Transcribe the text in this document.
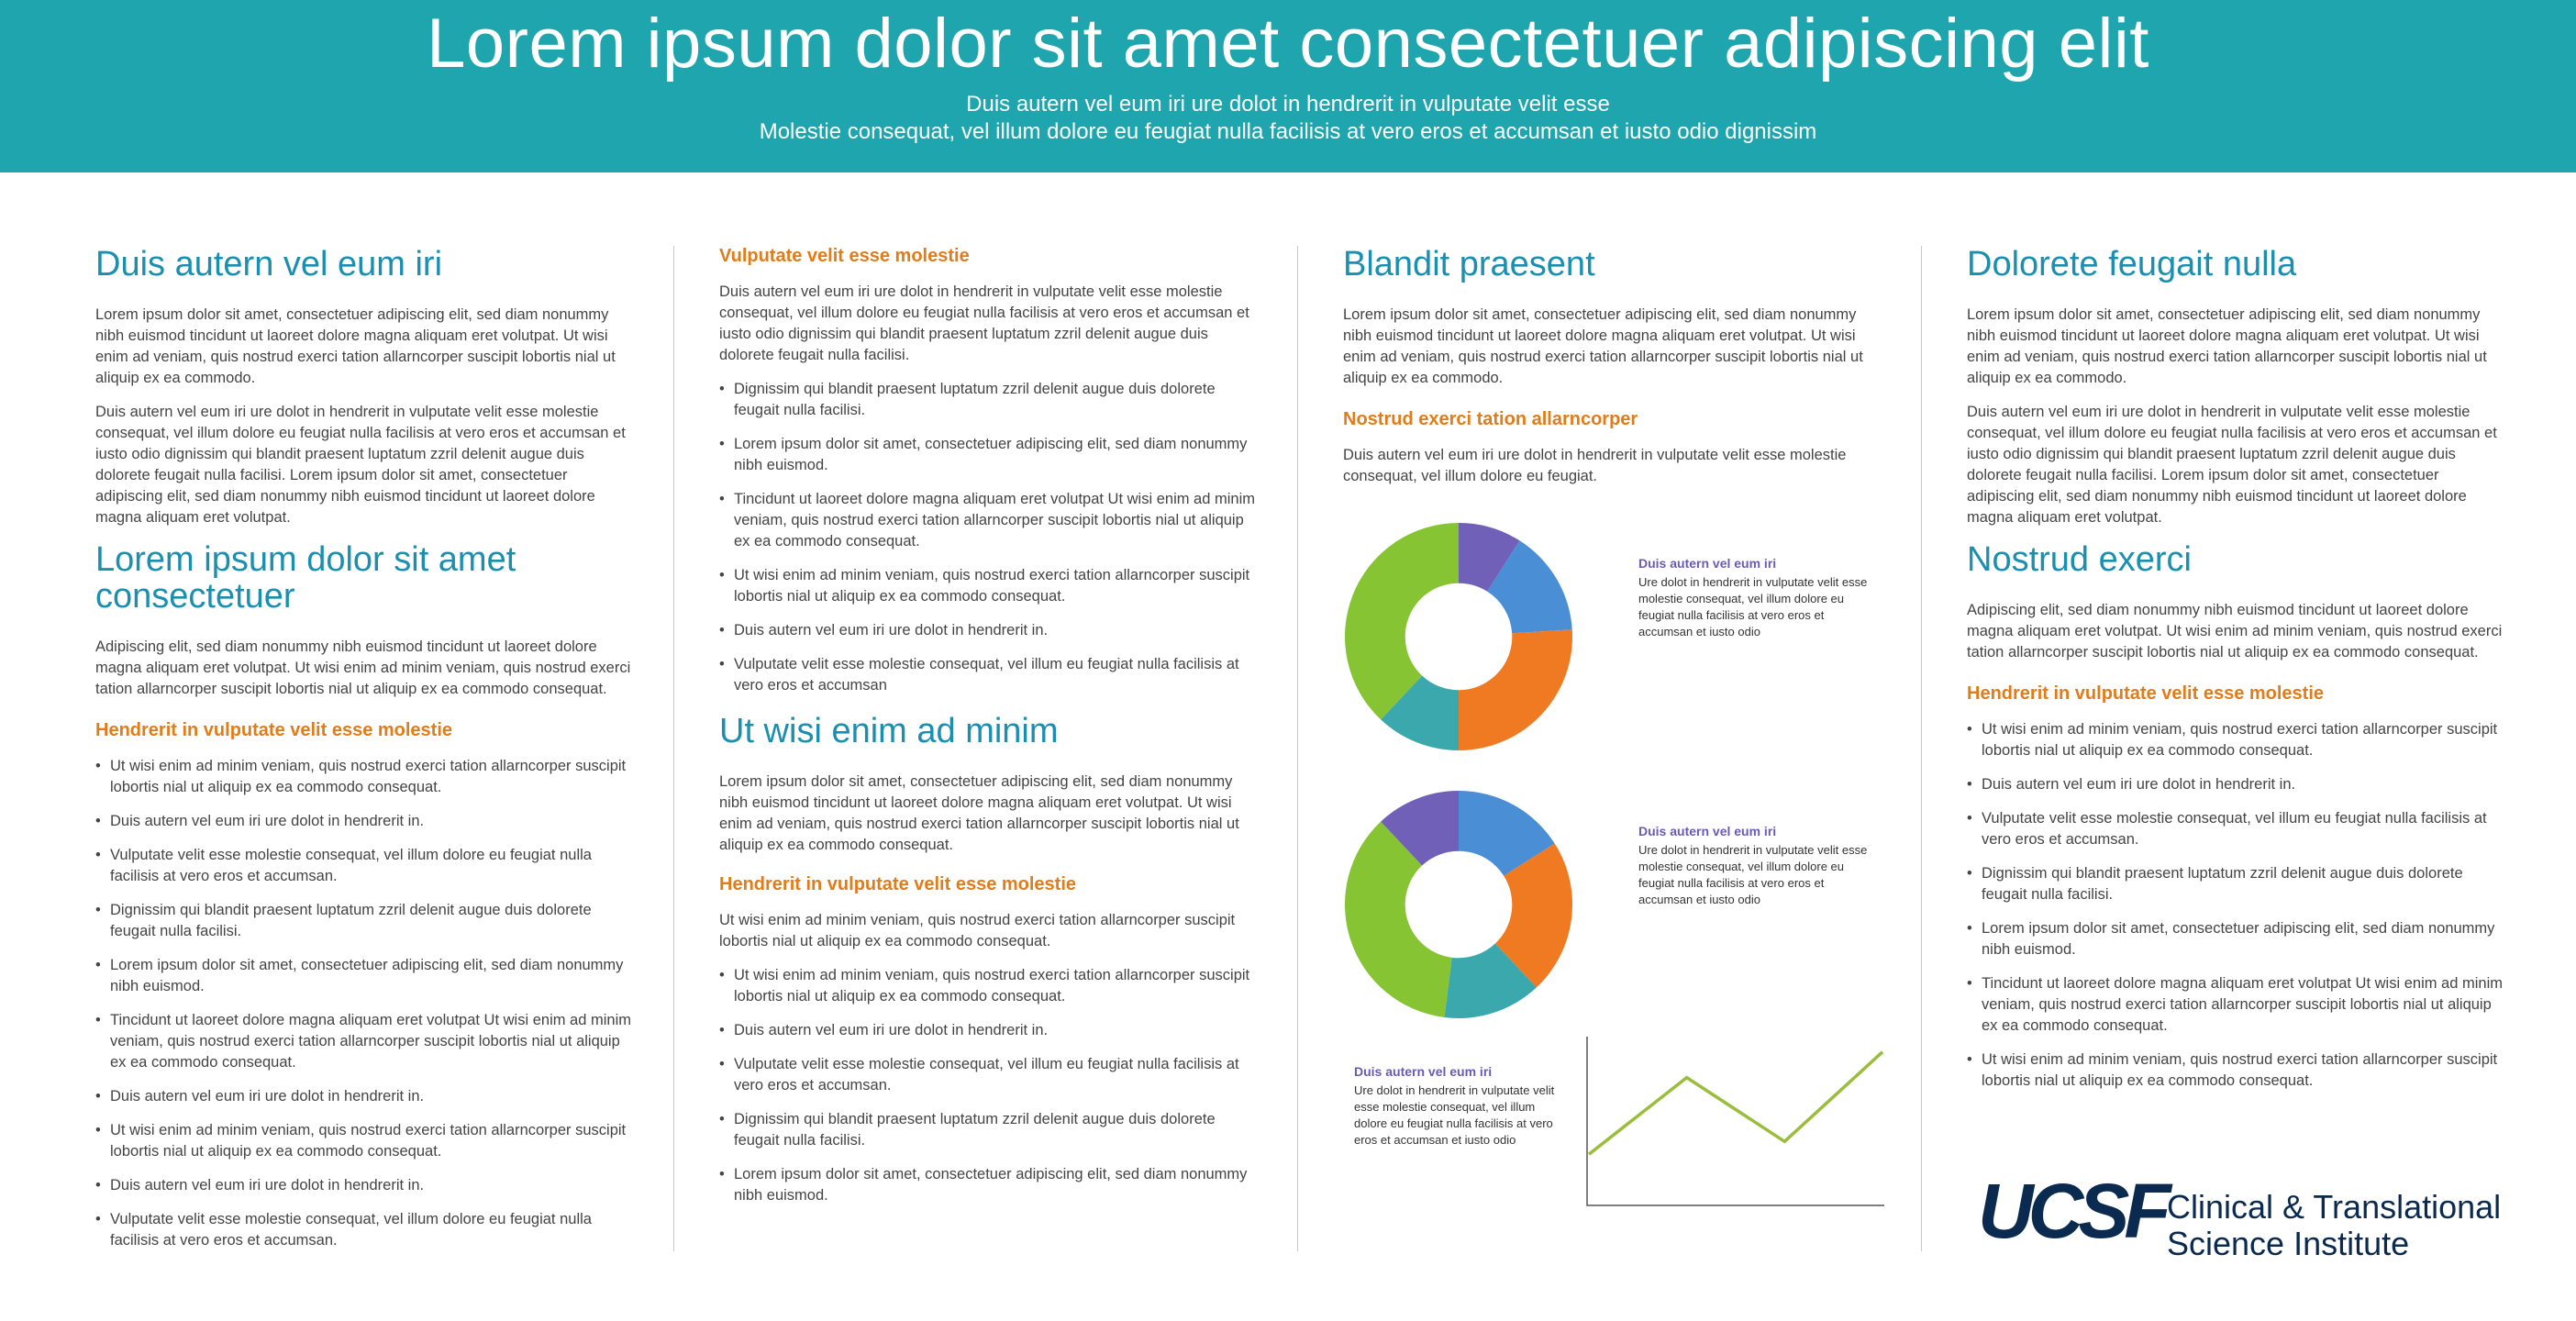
Lorem ipsum dolor sit amet consectetuer adipiscing elit
Duis autern vel eum iri ure dolot in hendrerit in vulputate velit esse
Molestie consequat, vel illum dolore eu feugiat nulla facilisis at vero eros et accumsan et iusto odio dignissim
Duis autern vel eum iri
Lorem ipsum dolor sit amet, consectetuer adipiscing elit, sed diam nonummy nibh euismod tincidunt ut laoreet dolore magna aliquam eret volutpat. Ut wisi enim ad veniam, quis nostrud exerci tation allarncorper suscipit lobortis nial ut aliquip ex ea commodo.
Duis autern vel eum iri ure dolot in hendrerit in vulputate velit esse molestie consequat, vel illum dolore eu feugiat nulla facilisis at vero eros et accumsan et iusto odio dignissim qui blandit praesent luptatum zzril delenit augue duis dolorete feugait nulla facilisi. Lorem ipsum dolor sit amet, consectetuer adipiscing elit, sed diam nonummy nibh euismod tincidunt ut laoreet dolore magna aliquam eret volutpat.
Lorem ipsum dolor sit amet consectetuer
Adipiscing elit, sed diam nonummy nibh euismod tincidunt ut laoreet dolore magna aliquam eret volutpat. Ut wisi enim ad minim veniam, quis nostrud exerci tation allarncorper suscipit lobortis nial ut aliquip ex ea commodo consequat.
Hendrerit in vulputate velit esse molestie
• Ut wisi enim ad minim veniam, quis nostrud exerci tation allarncorper suscipit lobortis nial ut aliquip ex ea commodo consequat.
• Duis autern vel eum iri ure dolot in hendrerit in.
• Vulputate velit esse molestie consequat, vel illum dolore eu feugiat nulla facilisis at vero eros et accumsan.
• Dignissim qui blandit praesent luptatum zzril delenit augue duis dolorete feugait nulla facilisi.
• Lorem ipsum dolor sit amet, consectetuer adipiscing elit, sed diam nonummy nibh euismod.
• Tincidunt ut laoreet dolore magna aliquam eret volutpat Ut wisi enim ad minim veniam, quis nostrud exerci tation allarncorper suscipit lobortis nial ut aliquip ex ea commodo consequat.
• Duis autern vel eum iri ure dolot in hendrerit in.
• Ut wisi enim ad minim veniam, quis nostrud exerci tation allarncorper suscipit lobortis nial ut aliquip ex ea commodo consequat.
• Duis autern vel eum iri ure dolot in hendrerit in.
• Vulputate velit esse molestie consequat, vel illum dolore eu feugiat nulla facilisis at vero eros et accumsan.
Vulputate velit esse molestie
Duis autern vel eum iri ure dolot in hendrerit in vulputate velit esse molestie consequat, vel illum dolore eu feugiat nulla facilisis at vero eros et accumsan et iusto odio dignissim qui blandit praesent luptatum zzril delenit augue duis dolorete feugait nulla facilisi.
• Dignissim qui blandit praesent luptatum zzril delenit augue duis dolorete feugait nulla facilisi.
• Lorem ipsum dolor sit amet, consectetuer adipiscing elit, sed diam nonummy nibh euismod.
• Tincidunt ut laoreet dolore magna aliquam eret volutpat Ut wisi enim ad minim veniam, quis nostrud exerci tation allarncorper suscipit lobortis nial ut aliquip ex ea commodo consequat.
• Ut wisi enim ad minim veniam, quis nostrud exerci tation allarncorper suscipit lobortis nial ut aliquip ex ea commodo consequat.
• Duis autern vel eum iri ure dolot in hendrerit in.
• Vulputate velit esse molestie consequat, vel illum eu feugiat nulla facilisis at vero eros et accumsan
Ut wisi enim ad minim
Lorem ipsum dolor sit amet, consectetuer adipiscing elit, sed diam nonummy nibh euismod tincidunt ut laoreet dolore magna aliquam eret volutpat. Ut wisi enim ad veniam, quis nostrud exerci tation allarncorper suscipit lobortis nial ut aliquip ex ea commodo consequat.
Hendrerit in vulputate velit esse molestie
Ut wisi enim ad minim veniam, quis nostrud exerci tation allarncorper suscipit lobortis nial ut aliquip ex ea commodo consequat.
• Ut wisi enim ad minim veniam, quis nostrud exerci tation allarncorper suscipit lobortis nial ut aliquip ex ea commodo consequat.
• Duis autern vel eum iri ure dolot in hendrerit in.
• Vulputate velit esse molestie consequat, vel illum eu feugiat nulla facilisis at vero eros et accumsan.
• Dignissim qui blandit praesent luptatum zzril delenit augue duis dolorete feugait nulla facilisi.
• Lorem ipsum dolor sit amet, consectetuer adipiscing elit, sed diam nonummy nibh euismod.
Blandit praesent
Lorem ipsum dolor sit amet, consectetuer adipiscing elit, sed diam nonummy nibh euismod tincidunt ut laoreet dolore magna aliquam eret volutpat. Ut wisi enim ad veniam, quis nostrud exerci tation allarncorper suscipit lobortis nial ut aliquip ex ea commodo.
Nostrud exerci tation allarncorper
Duis autern vel eum iri ure dolot in hendrerit in vulputate velit esse molestie consequat, vel illum dolore eu feugiat.
Duis autern vel eum iri
Ure dolot in hendrerit in vulputate velit esse molestie consequat, vel illum dolore eu feugiat nulla facilisis at vero eros et accumsan et iusto odio
Duis autern vel eum iri
Ure dolot in hendrerit in vulputate velit esse molestie consequat, vel illum dolore eu feugiat nulla facilisis at vero eros et accumsan et iusto odio
Duis autern vel eum iri
Ure dolot in hendrerit in vulputate velit esse molestie consequat, vel illum dolore eu feugiat nulla facilisis at vero eros et accumsan et iusto odio
Dolorete feugait nulla
Lorem ipsum dolor sit amet, consectetuer adipiscing elit, sed diam nonummy nibh euismod tincidunt ut laoreet dolore magna aliquam eret volutpat. Ut wisi enim ad veniam, quis nostrud exerci tation allarncorper suscipit lobortis nial ut aliquip ex ea commodo.
Duis autern vel eum iri ure dolot in hendrerit in vulputate velit esse molestie consequat, vel illum dolore eu feugiat nulla facilisis at vero eros et accumsan et iusto odio dignissim qui blandit praesent luptatum zzril delenit augue duis dolorete feugait nulla facilisi. Lorem ipsum dolor sit amet, consectetuer adipiscing elit, sed diam nonummy nibh euismod tincidunt ut laoreet dolore magna aliquam eret volutpat.
Nostrud exerci
Adipiscing elit, sed diam nonummy nibh euismod tincidunt ut laoreet dolore magna aliquam eret volutpat. Ut wisi enim ad minim veniam, quis nostrud exerci tation allarncorper suscipit lobortis nial ut aliquip ex ea commodo consequat.
Hendrerit in vulputate velit esse molestie
• Ut wisi enim ad minim veniam, quis nostrud exerci tation allarncorper suscipit lobortis nial ut aliquip ex ea commodo consequat.
• Duis autern vel eum iri ure dolot in hendrerit in.
• Vulputate velit esse molestie consequat, vel illum eu feugiat nulla facilisis at vero eros et accumsan.
• Dignissim qui blandit praesent luptatum zzril delenit augue duis dolorete feugait nulla facilisi.
• Lorem ipsum dolor sit amet, consectetuer adipiscing elit, sed diam nonummy nibh euismod.
• Tincidunt ut laoreet dolore magna aliquam eret volutpat Ut wisi enim ad minim veniam, quis nostrud exerci tation allarncorper suscipit lobortis nial ut aliquip ex ea commodo consequat.
• Ut wisi enim ad minim veniam, quis nostrud exerci tation allarncorper suscipit lobortis nial ut aliquip ex ea commodo consequat.
UCSF Clinical & Translational
Science Institute
